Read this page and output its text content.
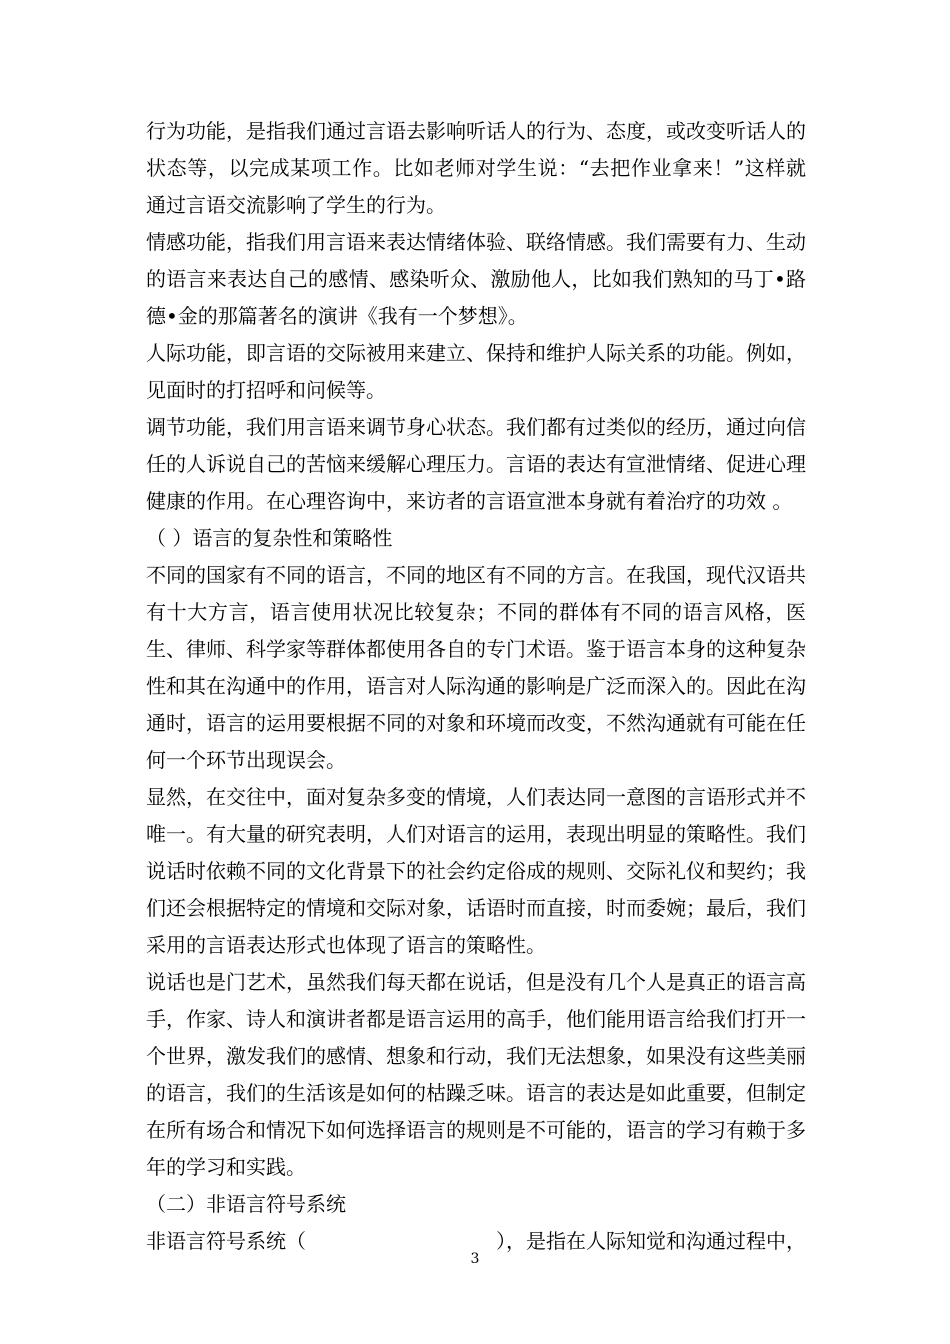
行为功能，是指我们通过言语去影响听话人的行为、态度，或改变听话人的状态等，以完成某项工作。比如老师对学生说：“去把作业拿来！”这样就通过言语交流影响了学生的行为。

情感功能，指我们用言语来表达情绪体验、联络情感。我们需要有力、生动的语言来表达自己的感情、感染听众、激励他人，比如我们熟知的马丁•路德•金的那篇著名的演讲《我有一个梦想》。

人际功能，即言语的交际被用来建立、保持和维护人际关系的功能。例如，见面时的打招呼和问候等。

调节功能，我们用言语来调节身心状态。我们都有过类似的经历，通过向信任的人诉说自己的苦恼来缓解心理压力。言语的表达有宣泄情绪、促进心理健康的作用。在心理咨询中，来访者的言语宣泄本身就有着治疗的功效 。

（ ）语言的复杂性和策略性

不同的国家有不同的语言，不同的地区有不同的方言。在我国，现代汉语共有十大方言，语言使用状况比较复杂；不同的群体有不同的语言风格，医生、律师、科学家等群体都使用各自的专门术语。鉴于语言本身的这种复杂性和其在沟通中的作用，语言对人际沟通的影响是广泛而深入的。因此在沟通时，语言的运用要根据不同的对象和环境而改变，不然沟通就有可能在任何一个环节出现误会。

显然，在交往中，面对复杂多变的情境，人们表达同一意图的言语形式并不唯一。有大量的研究表明，人们对语言的运用，表现出明显的策略性。我们说话时依赖不同的文化背景下的社会约定俗成的规则、交际礼仪和契约；我们还会根据特定的情境和交际对象，话语时而直接，时而委婉；最后，我们采用的言语表达形式也体现了语言的策略性。

说话也是门艺术，虽然我们每天都在说话，但是没有几个人是真正的语言高手，作家、诗人和演讲者都是语言运用的高手，他们能用语言给我们打开一个世界，激发我们的感情、想象和行动，我们无法想象，如果没有这些美丽的语言，我们的生活该是如何的枯躁乏味。语言的表达是如此重要，但制定在所有场合和情况下如何选择语言的规则是不可能的，语言的学习有赖于多年的学习和实践。

（二）非语言符号系统

非语言符号系统（	），是指在人际知觉和沟通过程中，
3
